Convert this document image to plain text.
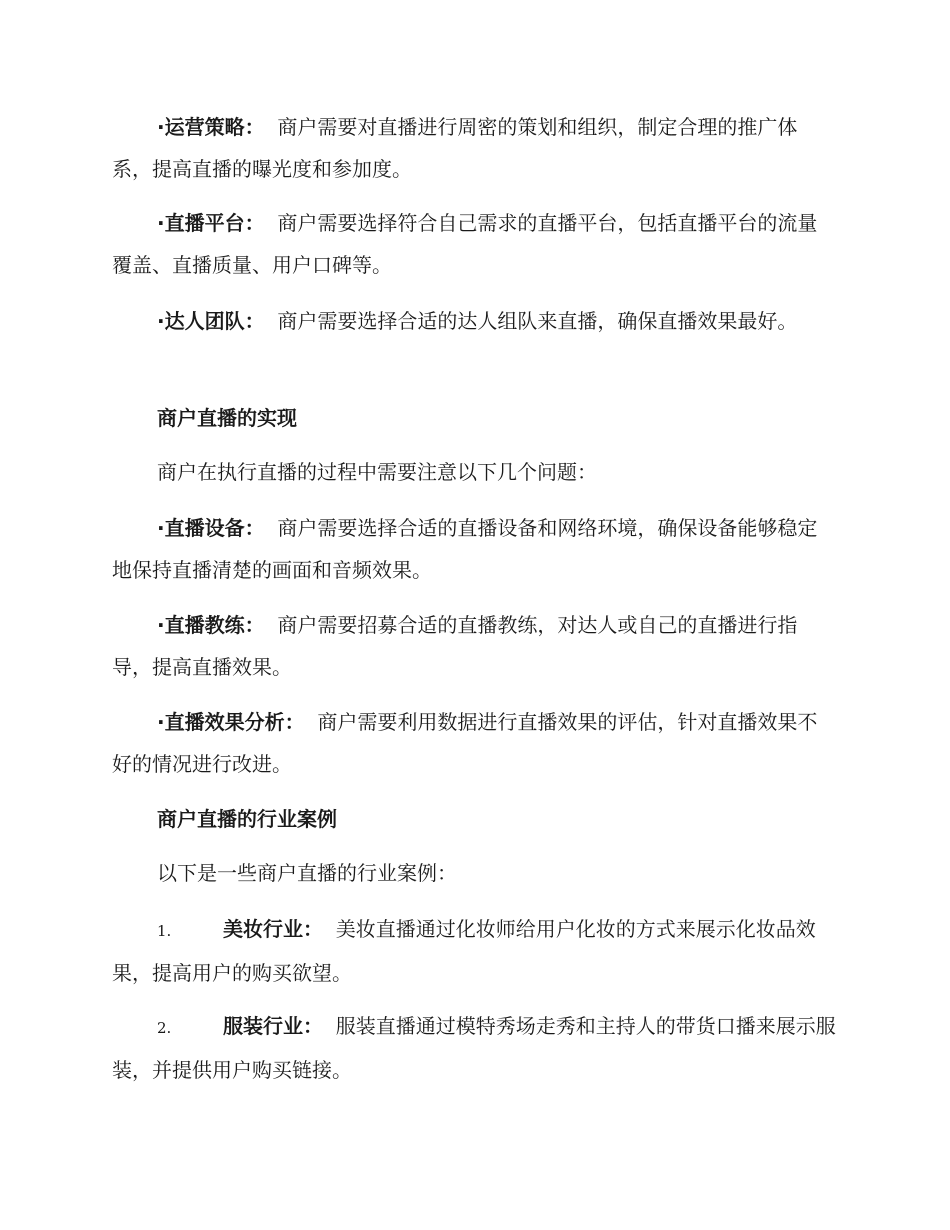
·运营策略： 商户需要对直播进行周密的策划和组织，制定合理的推广体系，提高直播的曝光度和参加度。

·直播平台： 商户需要选择符合自己需求的直播平台，包括直播平台的流量覆盖、直播质量、用户口碑等。

·达人团队： 商户需要选择合适的达人组队来直播，确保直播效果最好。

商户直播的实现

商户在执行直播的过程中需要注意以下几个问题：

·直播设备： 商户需要选择合适的直播设备和网络环境，确保设备能够稳定地保持直播清楚的画面和音频效果。

·直播教练： 商户需要招募合适的直播教练，对达人或自己的直播进行指导，提高直播效果。

·直播效果分析： 商户需要利用数据进行直播效果的评估，针对直播效果不好的情况进行改进。

商户直播的行业案例

以下是一些商户直播的行业案例：

1.	美妆行业： 美妆直播通过化妆师给用户化妆的方式来展示化妆品效果，提高用户的购买欲望。

2.	服装行业： 服装直播通过模特秀场走秀和主持人的带货口播来展示服装，并提供用户购买链接。
